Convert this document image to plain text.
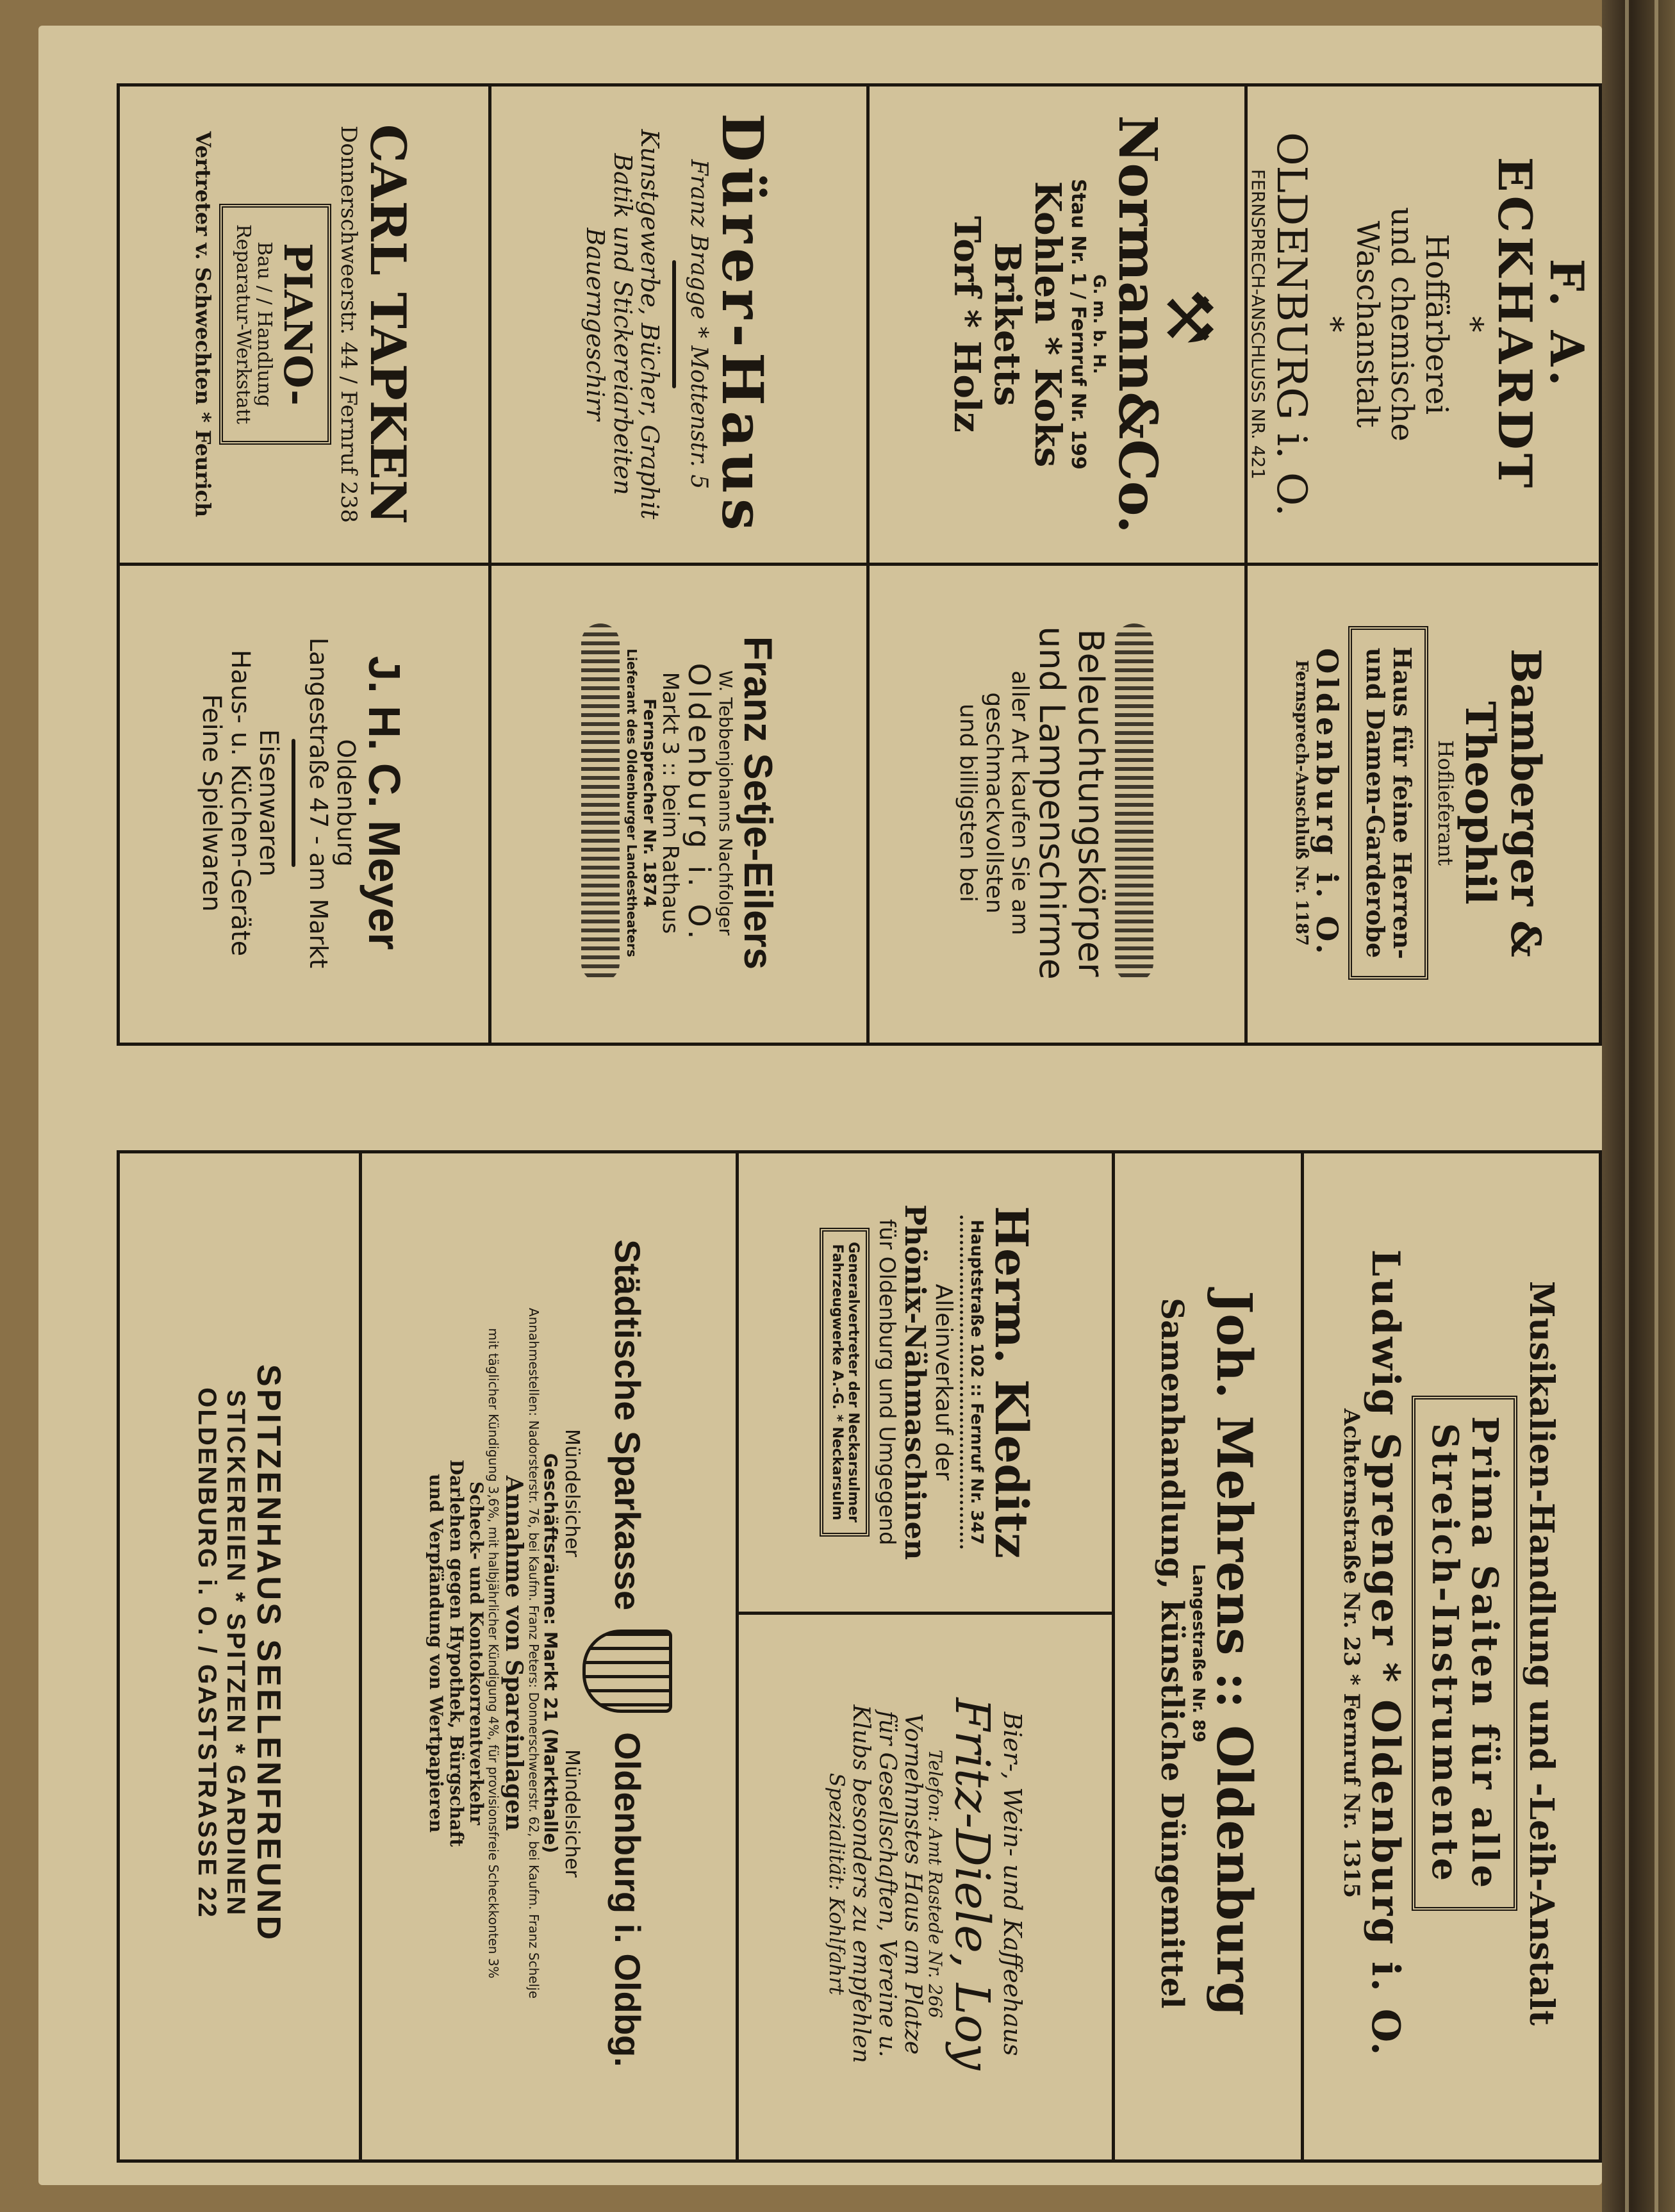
F. A. ECKHARDT
*
Hoffärberei
und chemische
Waschanstalt
*
OLDENBURG i. O.
FERNSPRECH-ANSCHLUSS NR. 421
Normann&Co.
G. m. b. H.
Stau Nr. 1 / Fernruf Nr. 199
Kohlen * Koks
Briketts
Torf * Holz	⚒
Dürer-Haus
Franz Bragge * Mottenstr. 5
Kunstgewerbe, Bücher, Graphit
Batik und Stickereiarbeiten
Bauerngeschirr
CARL TAPKEN
Donnerschweerstr. 44 / Fernruf 238
PIANO-
Bau / / Handlung
Reparatur-Werkstatt
Vertreter v. Schwechten * Feurich
Bamberger & Theophil
Hoflieferant
Haus für feine Herren-
und Damen-Garderobe
Oldenburg i. O.
Fernsprech-Anschluß Nr. 1187
Beleuchtungskörper
und Lampenschirme
aller Art kaufen Sie am
geschmackvollsten
und billigsten bei
Franz Setje-Eilers
W. Tebbenjohanns Nachfolger
Oldenburg i. O.
Markt 3 :: beim Rathaus
Fernsprecher Nr. 1874
Lieferant des Oldenburger Landestheaters
J. H. C. Meyer
Oldenburg
Langestraße 47 - am Markt
Eisenwaren
Haus- u. Küchen-Geräte
Feine Spielwaren
Musikalien-Handlung und -Leih-Anstalt
Prima Saiten für alle
Streich-Instrumente
Ludwig Sprenger * Oldenburg i. O.
Achternstraße Nr. 23 * Fernruf Nr. 1315
Joh. Mehrens :: Oldenburg
Langestraße Nr. 89
Samenhandlung, künstliche Düngemittel
Herm. Kleditz
Hauptstraße 102 :: Fernruf Nr. 347
Alleinverkauf der
Phönix-Nähmaschinen
für Oldenburg und Umgegend
Generalvertreter der Neckarsulmer
Fahrzeugwerke A.-G. * Neckarsulm
Bier-, Wein- und Kaffeehaus
Fritz-Diele, Loy
Telefon: Amt Rastede Nr. 266
Vornehmstes Haus am Platze
für Gesellschaften, Vereine u.
Klubs besonders zu empfehlen
Spezialität: Kohlfahrt
Städtische Sparkasse
Oldenburg i. Oldbg.
Mündelsicher
Mündelsicher
Geschäftsräume: Markt 21 (Markthalle)
Annahmestellen: Nadorsterstr. 76, bei Kaufm. Franz Peters: Donnerschweerstr. 62, bei Kaufm. Franz Schelje
Annahme von Spareinlagen
mit täglicher Kündigung 3,6%, mit halbjährlicher Kündigung 4%, für provisionsfreie Scheckkonten 3%
Scheck- und Kontokorrentverkehr
Darlehen gegen Hypothek, Bürgschaft
und Verpfändung von Wertpapieren
SPITZENHAUS SEELENFREUND
STICKEREIEN * SPITZEN * GARDINEN
OLDENBURG i. O. / GASTSTRASSE 22
